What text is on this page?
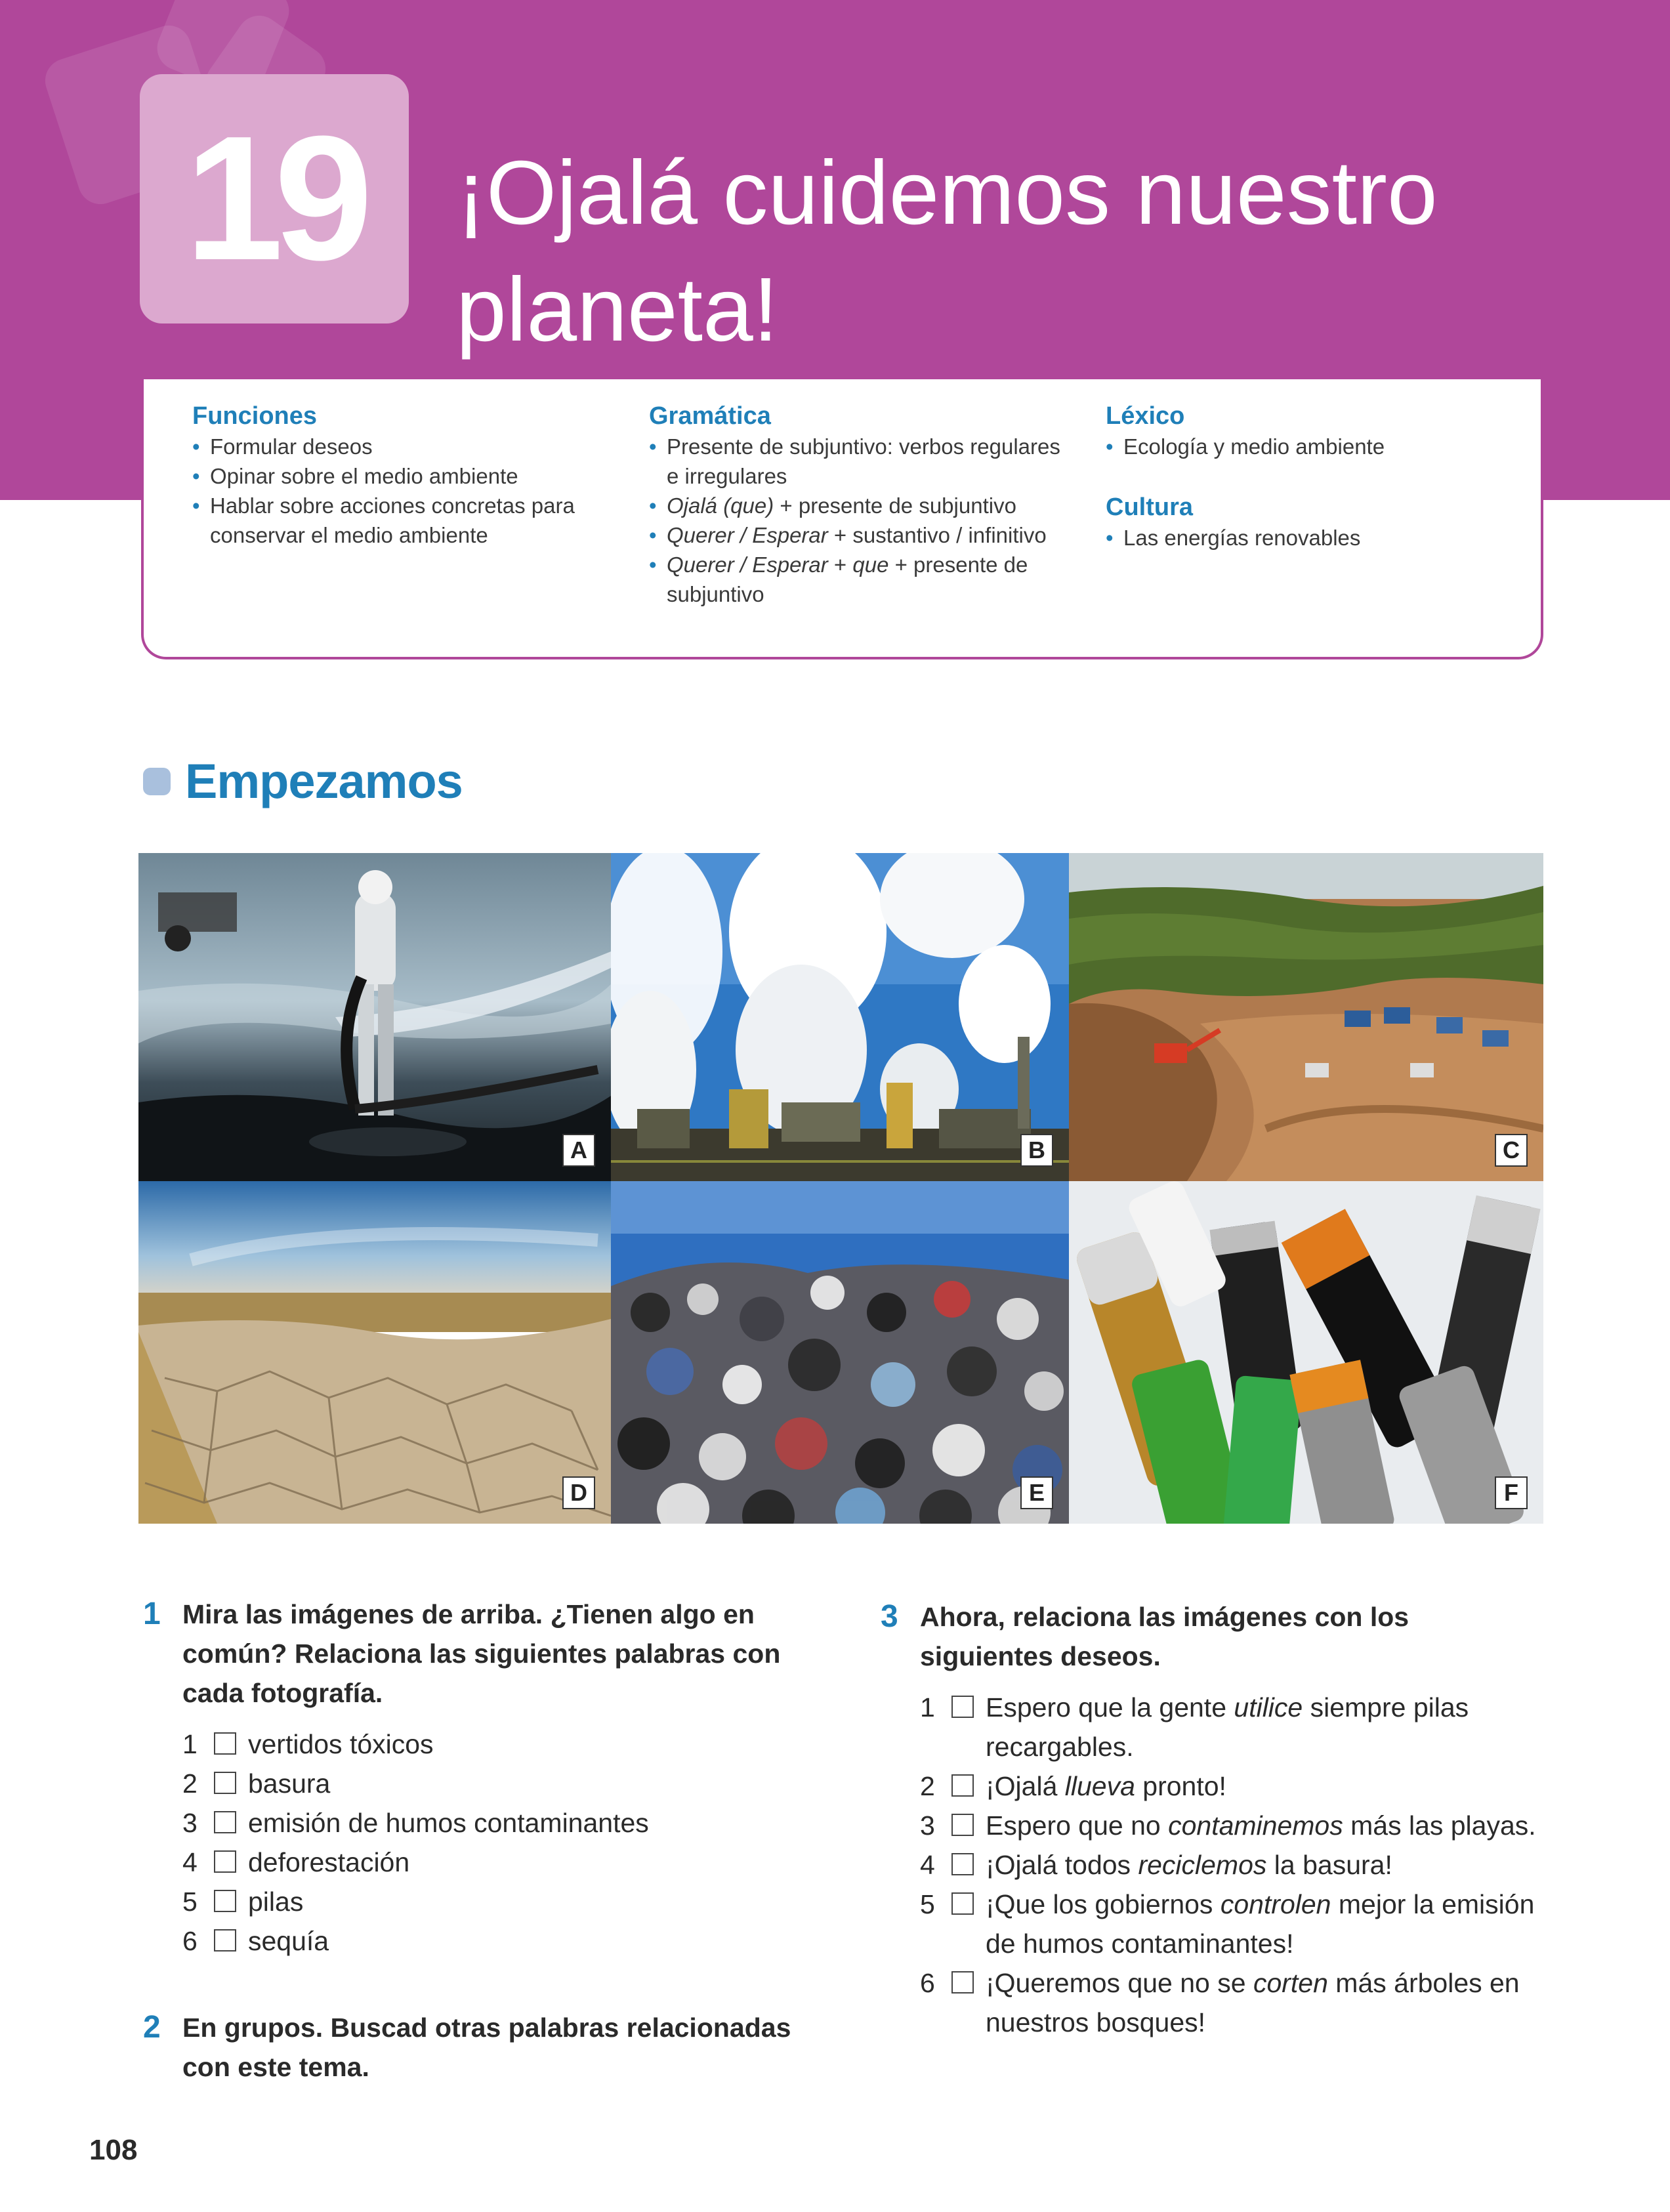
19	¡Ojalá cuidemos nuestro
planeta!
Funciones
• Formular deseos
• Opinar sobre el medio ambiente
• Hablar sobre acciones concretas para conservar el medio ambiente
Gramática
• Presente de subjuntivo: verbos regulares e irregulares
• Ojalá (que) + presente de subjuntivo
• Querer / Esperar + sustantivo / infinitivo
• Querer / Esperar + que + presente de subjuntivo
Léxico
• Ecología y medio ambiente
Cultura
• Las energías renovables
Empezamos
A	B	C
D	E	F
1 Mira las imágenes de arriba. ¿Tienen algo en común? Relaciona las siguientes palabras con cada fotografía.
1 vertidos tóxicos
2 basura
3 emisión de humos contaminantes
4 deforestación
5 pilas
6 sequía
2 En grupos. Buscad otras palabras relacionadas con este tema.
3 Ahora, relaciona las imágenes con los siguientes deseos.
1 Espero que la gente utilice siempre pilas recargables.
2 ¡Ojalá llueva pronto!
3 Espero que no contaminemos más las playas.
4 ¡Ojalá todos reciclemos la basura!
5 ¡Que los gobiernos controlen mejor la emisión de humos contaminantes!
6 ¡Queremos que no se corten más árboles en nuestros bosques!
108
